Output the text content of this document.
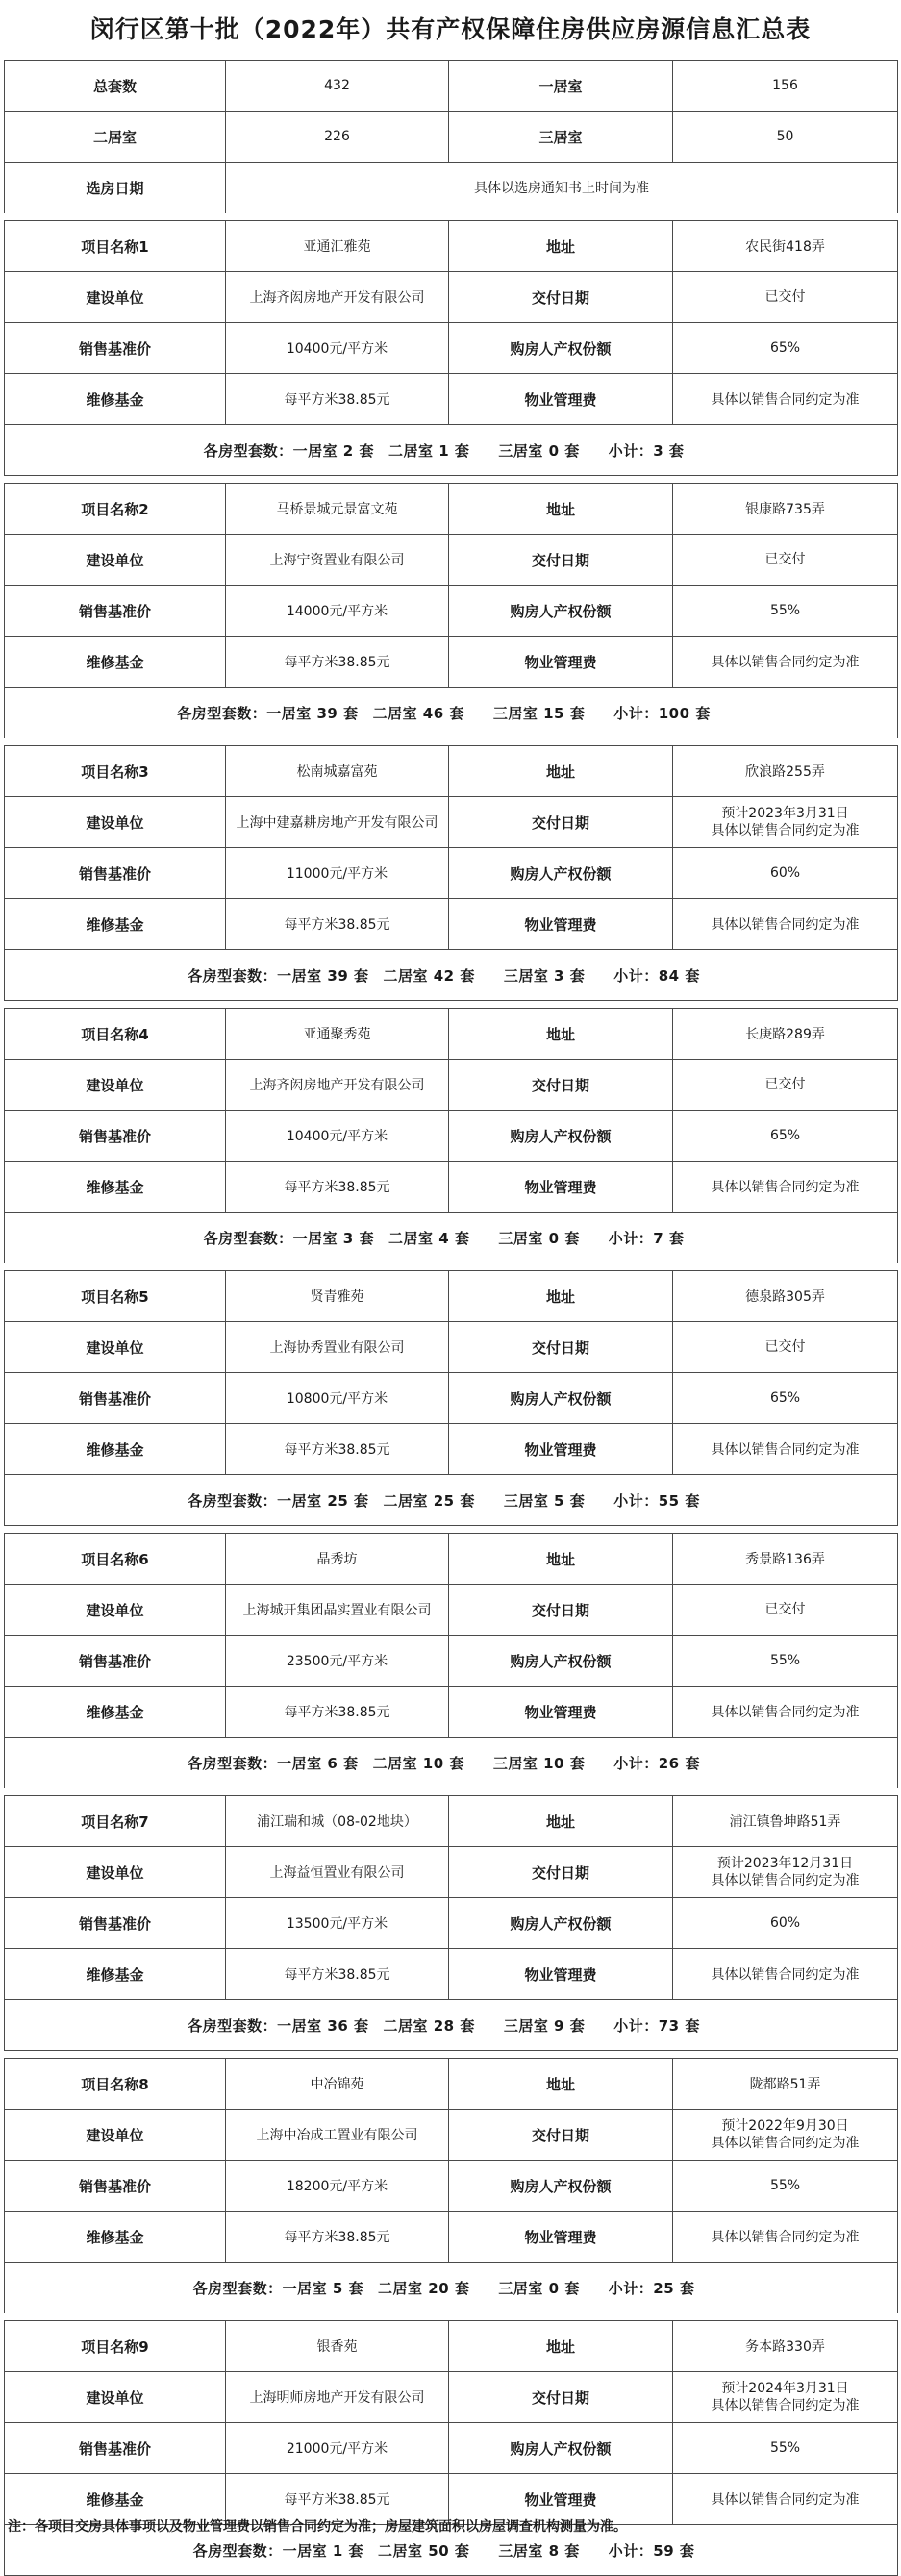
闵行区第十批（2022年）共有产权保障住房供应房源信息汇总表
总套数	432	一居室	156
二居室	226	三居室	50
选房日期	具体以选房通知书上时间为准		

项目名称1	亚通汇雅苑	地址	农民街418弄
建设单位	上海齐闳房地产开发有限公司	交付日期	已交付

销售基准价	10400元/平方米	购房人产权份额	65%
维修基金	每平方米38.85元	物业管理费	具体以销售合同约定为准
各房型套数：一居室 2 套 二居室 1 套 三居室 0 套 小计：3 套			

项目名称2	马桥景城元景富文苑	地址	银康路735弄
建设单位	上海宁资置业有限公司	交付日期	已交付

销售基准价	14000元/平方米	购房人产权份额	55%
维修基金	每平方米38.85元	物业管理费	具体以销售合同约定为准
各房型套数：一居室 39 套 二居室 46 套 三居室 15 套 小计：100 套			

项目名称3	松南城嘉富苑	地址	欣浪路255弄
建设单位	上海中建嘉耕房地产开发有限公司	交付日期	预计2023年3月31日
具体以销售合同约定为准

销售基准价	11000元/平方米	购房人产权份额	60%
维修基金	每平方米38.85元	物业管理费	具体以销售合同约定为准
各房型套数：一居室 39 套 二居室 42 套 三居室 3 套 小计：84 套			

项目名称4	亚通聚秀苑	地址	长庚路289弄
建设单位	上海齐闳房地产开发有限公司	交付日期	已交付

销售基准价	10400元/平方米	购房人产权份额	65%
维修基金	每平方米38.85元	物业管理费	具体以销售合同约定为准
各房型套数：一居室 3 套 二居室 4 套 三居室 0 套 小计：7 套			

项目名称5	贤青雅苑	地址	德泉路305弄
建设单位	上海协秀置业有限公司	交付日期	已交付

销售基准价	10800元/平方米	购房人产权份额	65%
维修基金	每平方米38.85元	物业管理费	具体以销售合同约定为准
各房型套数：一居室 25 套 二居室 25 套 三居室 5 套 小计：55 套			

项目名称6	晶秀坊	地址	秀景路136弄
建设单位	上海城开集团晶实置业有限公司	交付日期	已交付

销售基准价	23500元/平方米	购房人产权份额	55%
维修基金	每平方米38.85元	物业管理费	具体以销售合同约定为准
各房型套数：一居室 6 套 二居室 10 套 三居室 10 套 小计：26 套			

项目名称7	浦江瑞和城（08-02地块）	地址	浦江镇鲁坤路51弄
建设单位	上海益恒置业有限公司	交付日期	预计2023年12月31日
具体以销售合同约定为准

销售基准价	13500元/平方米	购房人产权份额	60%
维修基金	每平方米38.85元	物业管理费	具体以销售合同约定为准
各房型套数：一居室 36 套 二居室 28 套 三居室 9 套 小计：73 套			

项目名称8	中冶锦苑	地址	陇都路51弄
建设单位	上海中冶成工置业有限公司	交付日期	预计2022年9月30日
具体以销售合同约定为准

销售基准价	18200元/平方米	购房人产权份额	55%
维修基金	每平方米38.85元	物业管理费	具体以销售合同约定为准
各房型套数：一居室 5 套 二居室 20 套 三居室 0 套 小计：25 套			

项目名称9	银香苑	地址	务本路330弄
建设单位	上海明师房地产开发有限公司	交付日期	预计2024年3月31日
具体以销售合同约定为准

销售基准价	21000元/平方米	购房人产权份额	55%
维修基金	每平方米38.85元	物业管理费	具体以销售合同约定为准
各房型套数：一居室 1 套 二居室 50 套 三居室 8 套 小计：59 套			
注：各项目交房具体事项以及物业管理费以销售合同约定为准；房屋建筑面积以房屋调查机构测量为准。
